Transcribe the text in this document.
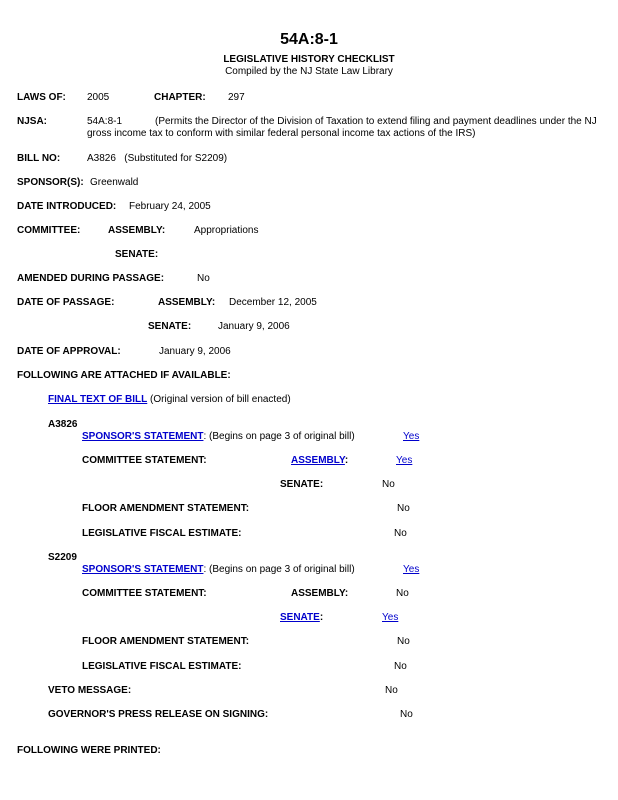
54A:8-1
LEGISLATIVE HISTORY CHECKLIST
Compiled by the NJ State Law Library
LAWS OF: 2005	CHAPTER: 297
NJSA:	54A:8-1	(Permits the Director of the Division of Taxation to extend filing and payment deadlines under the NJ
gross income tax to conform with similar federal personal income tax actions of the IRS)
BILL NO:	A3826   (Substituted for S2209)
SPONSOR(S): Greenwald
DATE INTRODUCED: February 24, 2005
COMMITTEE:	ASSEMBLY:	Appropriations
SENATE:
AMENDED DURING PASSAGE:	No
DATE OF PASSAGE:	ASSEMBLY: December 12, 2005
SENATE:	January 9, 2006
DATE OF APPROVAL:	January 9, 2006
FOLLOWING ARE ATTACHED IF AVAILABLE:
FINAL TEXT OF BILL (Original version of bill enacted)
A3826
SPONSOR'S STATEMENT: (Begins on page 3 of original bill)	Yes
COMMITTEE STATEMENT:	ASSEMBLY:	Yes
SENATE:	No
FLOOR AMENDMENT STATEMENT:	No
LEGISLATIVE FISCAL ESTIMATE:	No
S2209
SPONSOR'S STATEMENT: (Begins on page 3 of original bill)	Yes
COMMITTEE STATEMENT:	ASSEMBLY:	No
SENATE:	Yes
FLOOR AMENDMENT STATEMENT:	No
LEGISLATIVE FISCAL ESTIMATE:	No
VETO MESSAGE:	No
GOVERNOR'S PRESS RELEASE ON SIGNING:	No
FOLLOWING WERE PRINTED:
